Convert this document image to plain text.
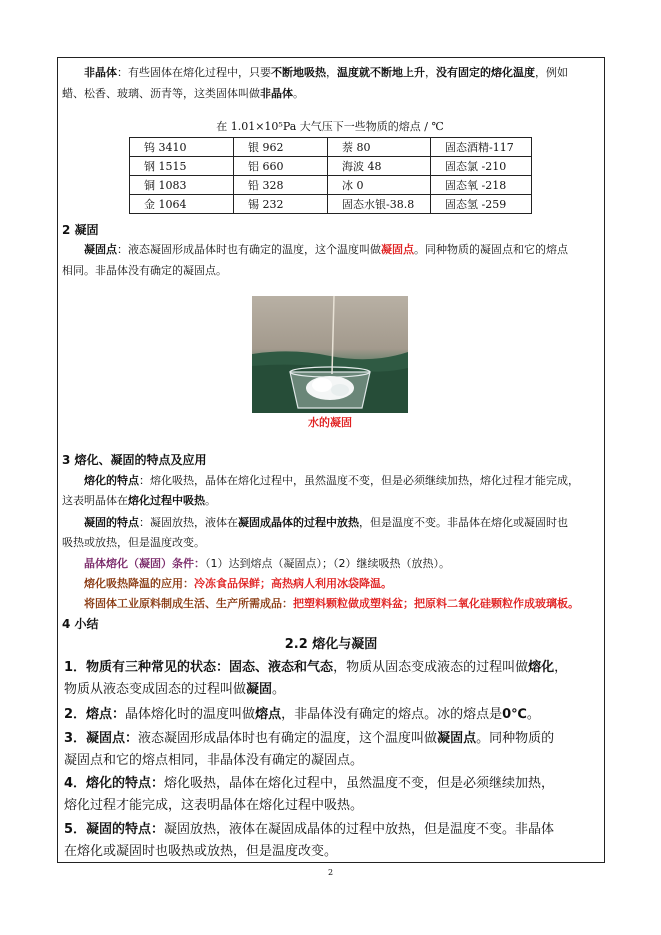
非晶体：有些固体在熔化过程中，只要不断地吸热，温度就不断地上升，没有固定的熔化温度，例如
蜡、松香、玻璃、沥青等，这类固体叫做非晶体。
在 1.01×10⁵Pa 大气压下一些物质的熔点 / ℃
钨 3410	银 962	萘 80	固态酒精-117
钢 1515	铝 660	海波 48	固态氯 -210
铜 1083	铅 328	冰 0	固态氧 -218
金 1064	锡 232	固态水银-38.8	固态氢 -259
2 凝固
凝固点：液态凝固形成晶体时也有确定的温度，这个温度叫做凝固点。同种物质的凝固点和它的熔点
相同。非晶体没有确定的凝固点。
水的凝固
3 熔化、凝固的特点及应用
熔化的特点：熔化吸热，晶体在熔化过程中，虽然温度不变，但是必须继续加热，熔化过程才能完成，
这表明晶体在熔化过程中吸热。
凝固的特点：凝固放热，液体在凝固成晶体的过程中放热，但是温度不变。非晶体在熔化或凝固时也
吸热或放热，但是温度改变。
晶体熔化（凝固）条件：（1）达到熔点（凝固点）；（2）继续吸热（放热）。
熔化吸热降温的应用：冷冻食品保鲜；高热病人利用冰袋降温。
将固体工业原料制成生活、生产所需成品：把塑料颗粒做成塑料盆；把原料二氧化硅颗粒作成玻璃板。
4 小结
2.2 熔化与凝固
1．物质有三种常见的状态：固态、液态和气态，物质从固态变成液态的过程叫做熔化，
物质从液态变成固态的过程叫做凝固。
2．熔点：晶体熔化时的温度叫做熔点，非晶体没有确定的熔点。冰的熔点是0℃。
3．凝固点：液态凝固形成晶体时也有确定的温度，这个温度叫做凝固点。同种物质的
凝固点和它的熔点相同，非晶体没有确定的凝固点。
4．熔化的特点：熔化吸热，晶体在熔化过程中，虽然温度不变，但是必须继续加热，
熔化过程才能完成，这表明晶体在熔化过程中吸热。
5．凝固的特点：凝固放热，液体在凝固成晶体的过程中放热，但是温度不变。非晶体
在熔化或凝固时也吸热或放热，但是温度改变。
2
